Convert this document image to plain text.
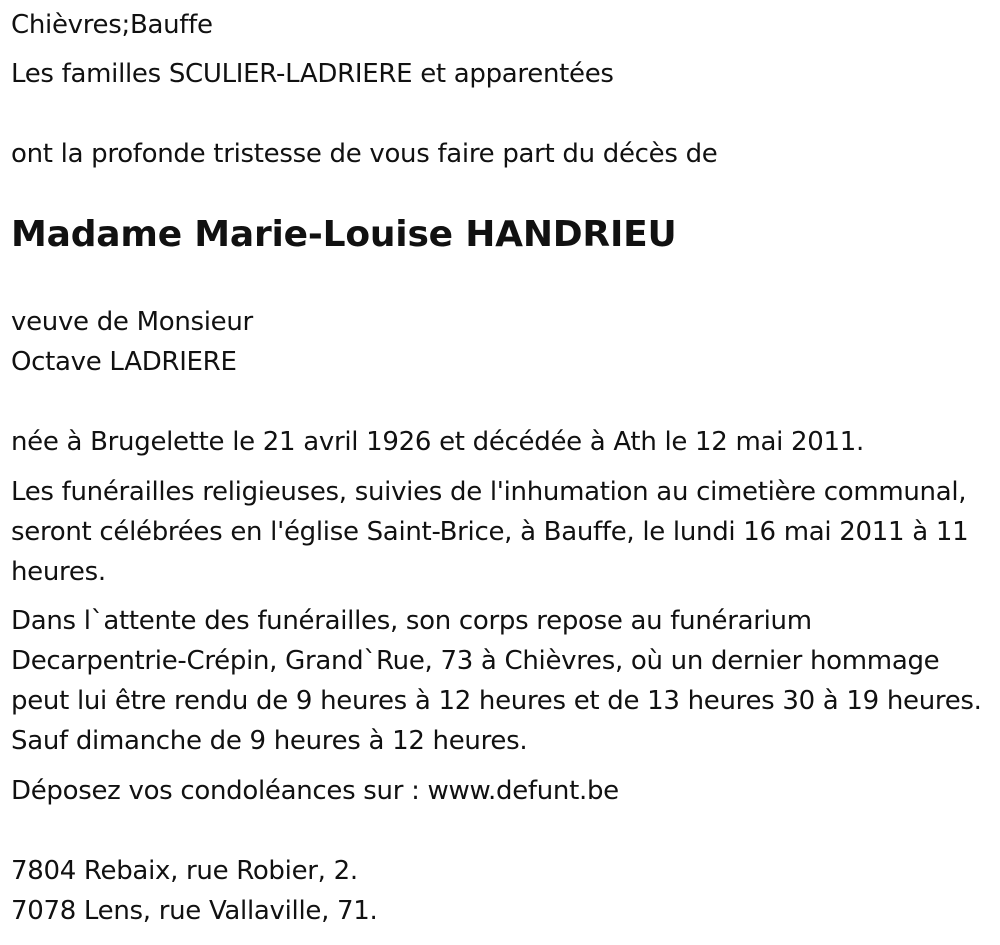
Chièvres;Bauffe
Les familles SCULIER-LADRIERE et apparentées
ont la profonde tristesse de vous faire part du décès de
Madame Marie-Louise HANDRIEU
veuve de Monsieur
Octave LADRIERE
née à Brugelette le 21 avril 1926 et décédée à Ath le 12 mai 2011.
Les funérailles religieuses, suivies de l'inhumation au cimetière communal, seront célébrées en l'église Saint-Brice, à Bauffe, le lundi 16 mai 2011 à 11 heures.
Dans l`attente des funérailles, son corps repose au funérarium Decarpentrie-Crépin, Grand`Rue, 73 à Chièvres, où un dernier hommage peut lui être rendu de 9 heures à 12 heures et de 13 heures 30 à 19 heures. Sauf dimanche de 9 heures à 12 heures.
Déposez vos condoléances sur : www.defunt.be
7804 Rebaix, rue Robier, 2.
7078 Lens, rue Vallaville, 71.
